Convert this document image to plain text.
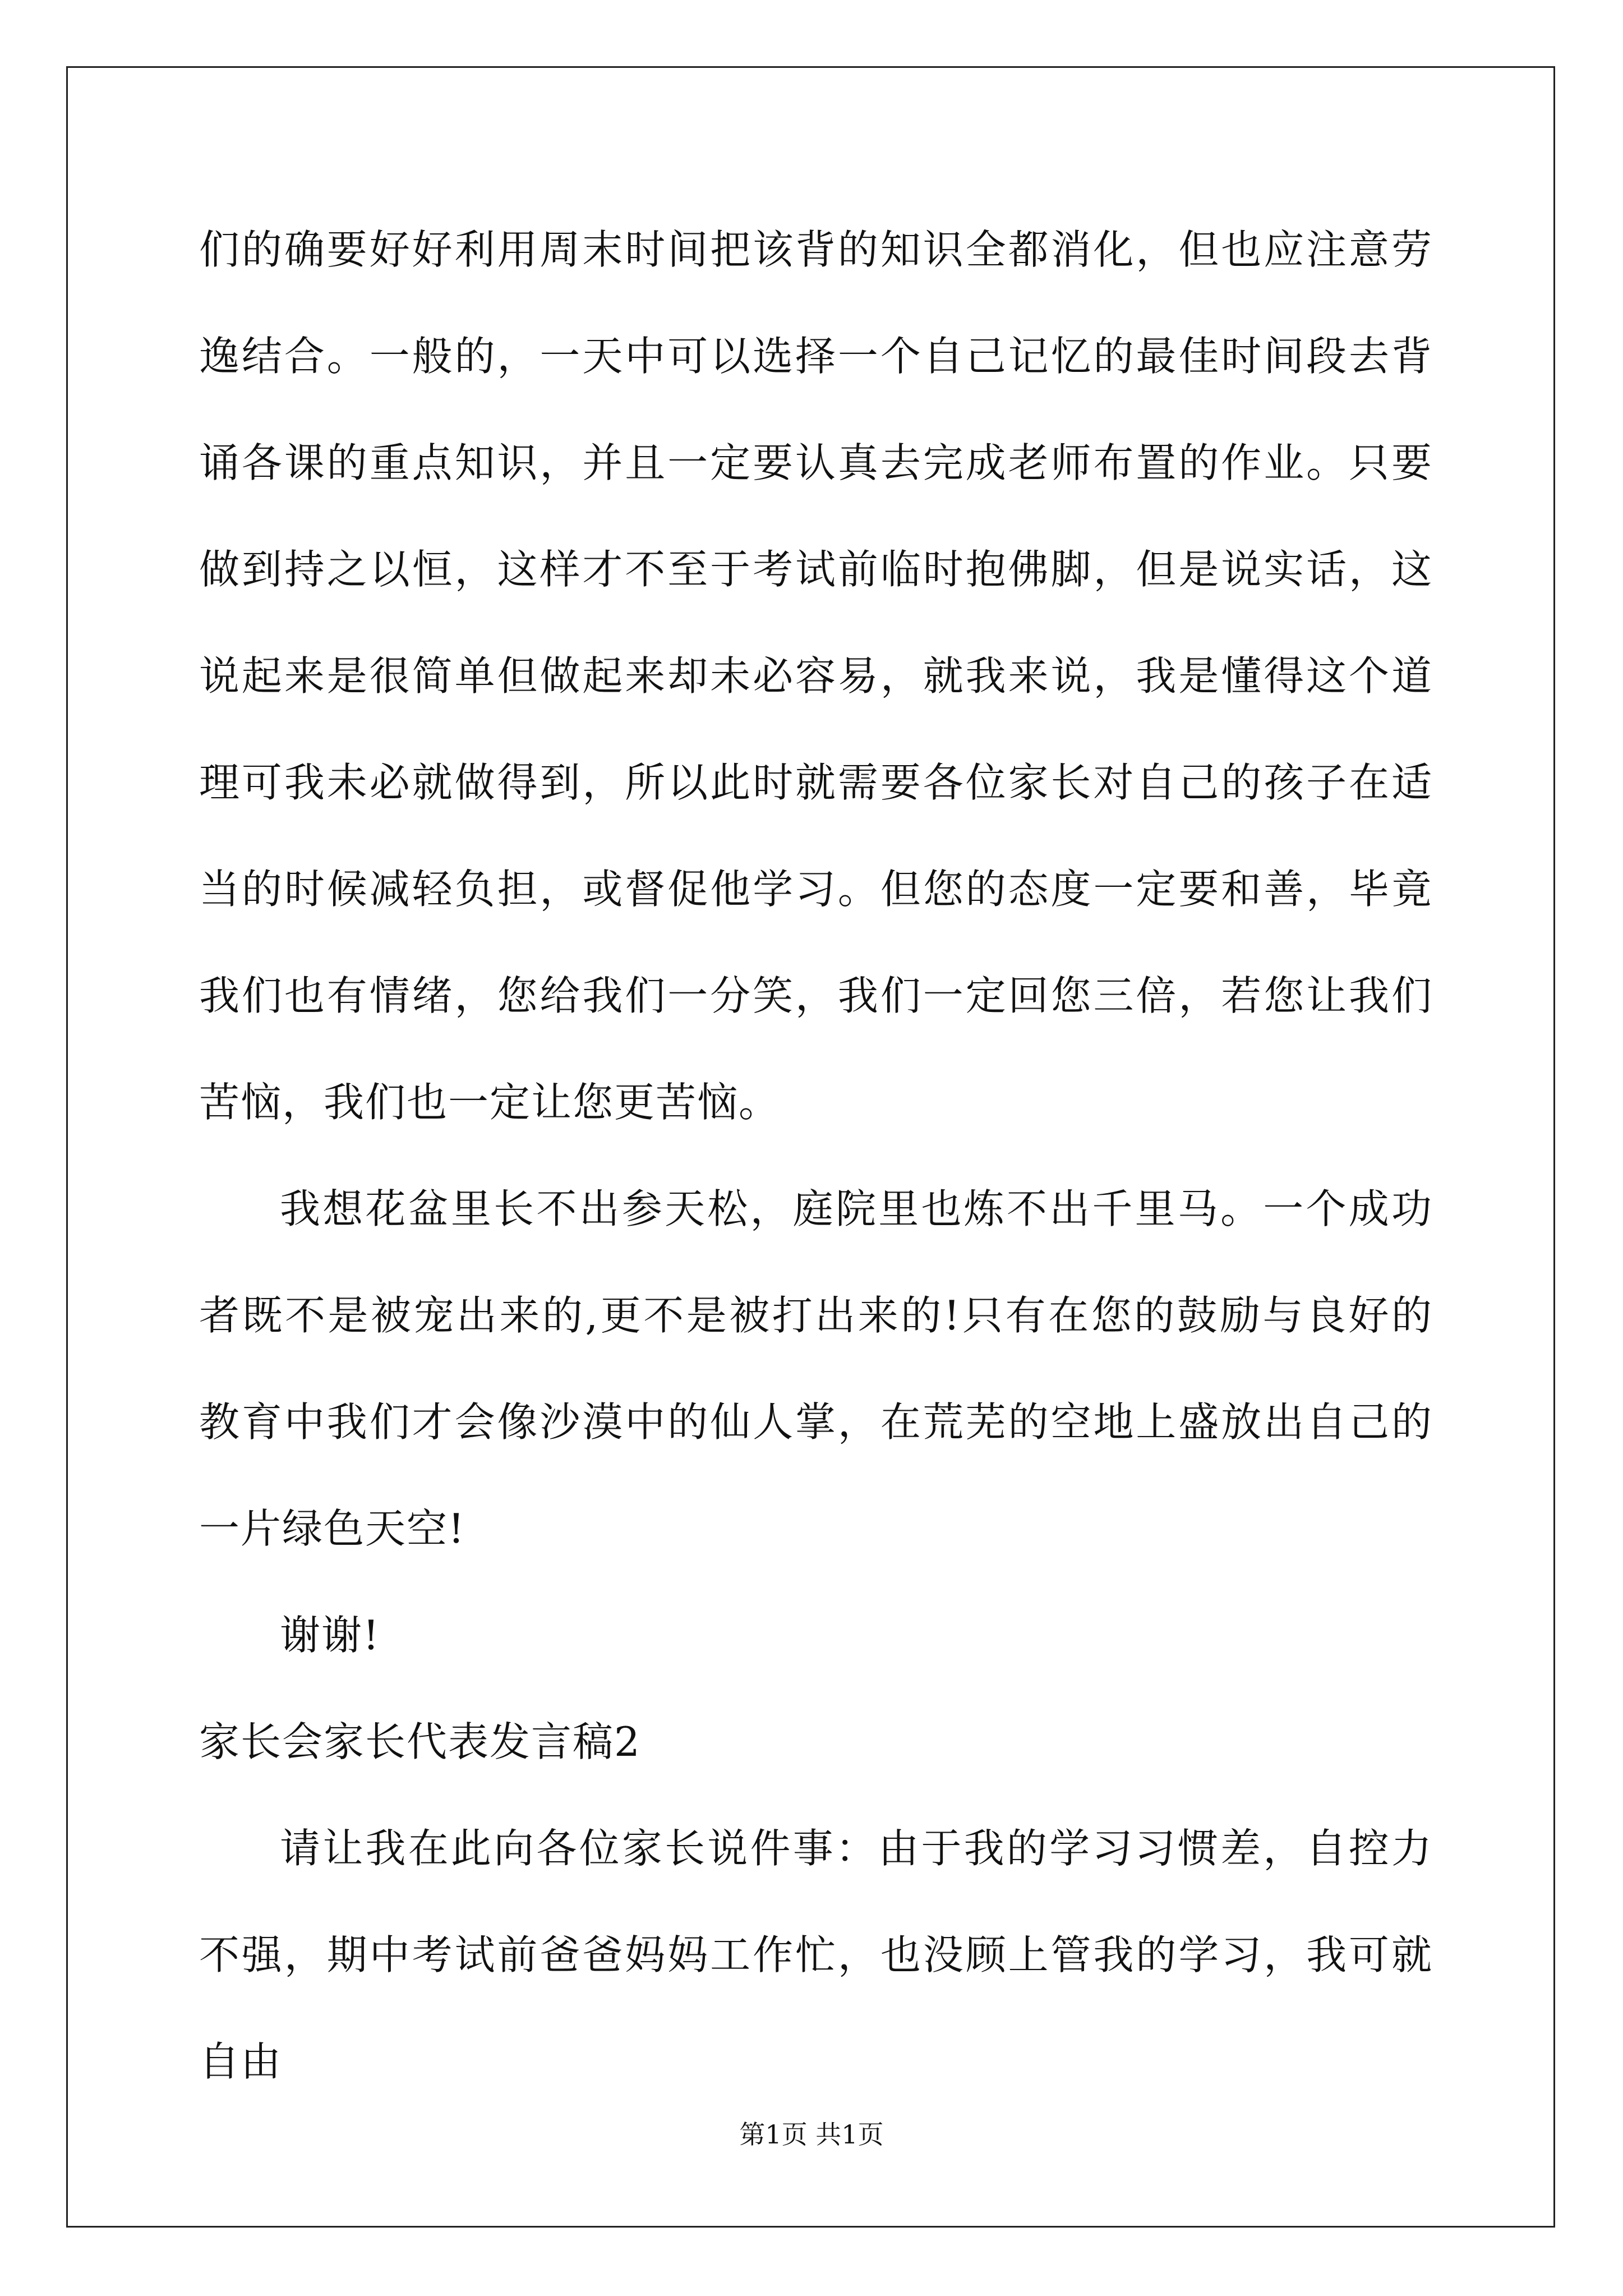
们的确要好好利用周末时间把该背的知识全都消化，但也应注意劳逸结合。一般的，一天中可以选择一个自己记忆的最佳时间段去背诵各课的重点知识，并且一定要认真去完成老师布置的作业。只要做到持之以恒，这样才不至于考试前临时抱佛脚，但是说实话，这说起来是很简单但做起来却未必容易，就我来说，我是懂得这个道理可我未必就做得到，所以此时就需要各位家长对自己的孩子在适当的时候减轻负担，或督促他学习。但您的态度一定要和善，毕竟我们也有情绪，您给我们一分笑，我们一定回您三倍，若您让我们苦恼，我们也一定让您更苦恼。

我想花盆里长不出参天松，庭院里也炼不出千里马。一个成功者既不是被宠出来的,更不是被打出来的!只有在您的鼓励与良好的教育中我们才会像沙漠中的仙人掌，在荒芜的空地上盛放出自己的一片绿色天空!

谢谢!

家长会家长代表发言稿2

请让我在此向各位家长说件事：由于我的学习习惯差，自控力不强，期中考试前爸爸妈妈工作忙，也没顾上管我的学习，我可就自由

第1页 共1页
